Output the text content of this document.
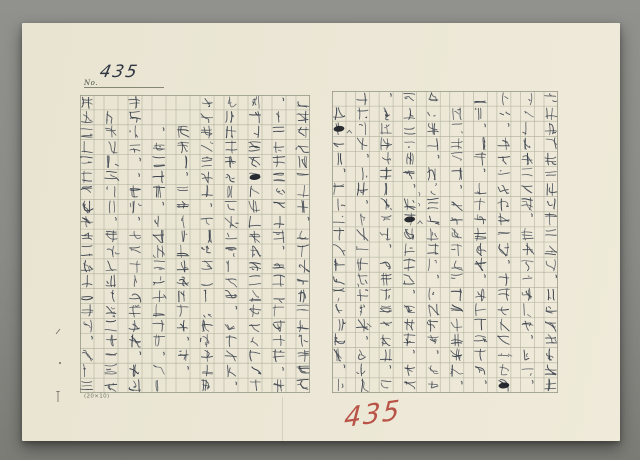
No.
435
(20×10)	435
